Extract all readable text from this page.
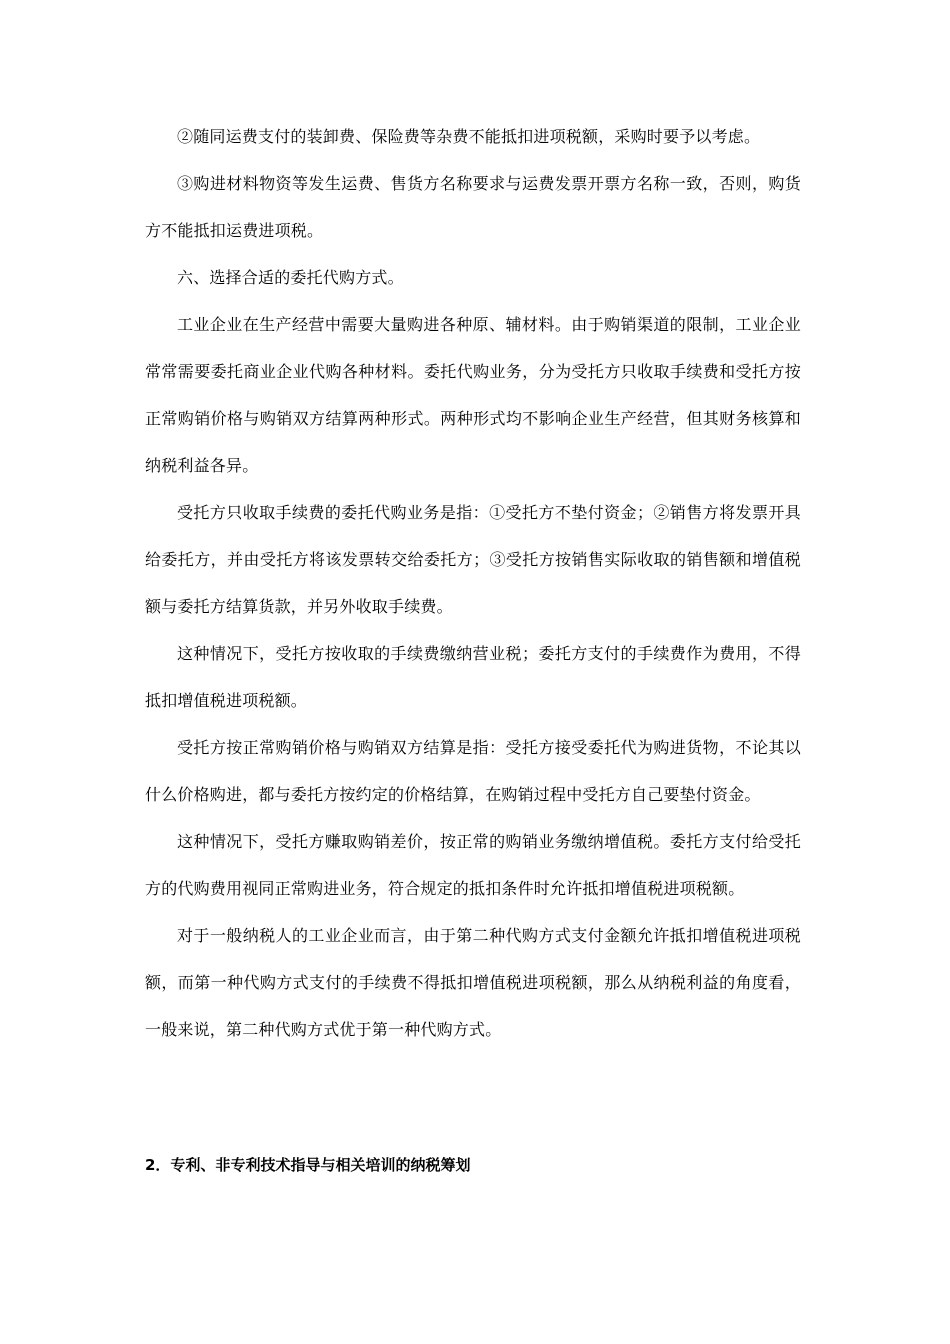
②随同运费支付的装卸费、保险费等杂费不能抵扣进项税额，采购时要予以考虑。

③购进材料物资等发生运费、售货方名称要求与运费发票开票方名称一致，否则，购货方不能抵扣运费进项税。

六、选择合适的委托代购方式。

工业企业在生产经营中需要大量购进各种原、辅材料。由于购销渠道的限制，工业企业常常需要委托商业企业代购各种材料。委托代购业务，分为受托方只收取手续费和受托方按正常购销价格与购销双方结算两种形式。两种形式均不影响企业生产经营，但其财务核算和纳税利益各异。

受托方只收取手续费的委托代购业务是指：①受托方不垫付资金；②销售方将发票开具给委托方，并由受托方将该发票转交给委托方；③受托方按销售实际收取的销售额和增值税额与委托方结算货款，并另外收取手续费。

这种情况下，受托方按收取的手续费缴纳营业税；委托方支付的手续费作为费用，不得抵扣增值税进项税额。

受托方按正常购销价格与购销双方结算是指：受托方接受委托代为购进货物，不论其以什么价格购进，都与委托方按约定的价格结算，在购销过程中受托方自己要垫付资金。

这种情况下，受托方赚取购销差价，按正常的购销业务缴纳增值税。委托方支付给受托方的代购费用视同正常购进业务，符合规定的抵扣条件时允许抵扣增值税进项税额。

对于一般纳税人的工业企业而言，由于第二种代购方式支付金额允许抵扣增值税进项税额，而第一种代购方式支付的手续费不得抵扣增值税进项税额，那么从纳税利益的角度看，一般来说，第二种代购方式优于第一种代购方式。

2．专利、非专利技术指导与相关培训的纳税筹划
